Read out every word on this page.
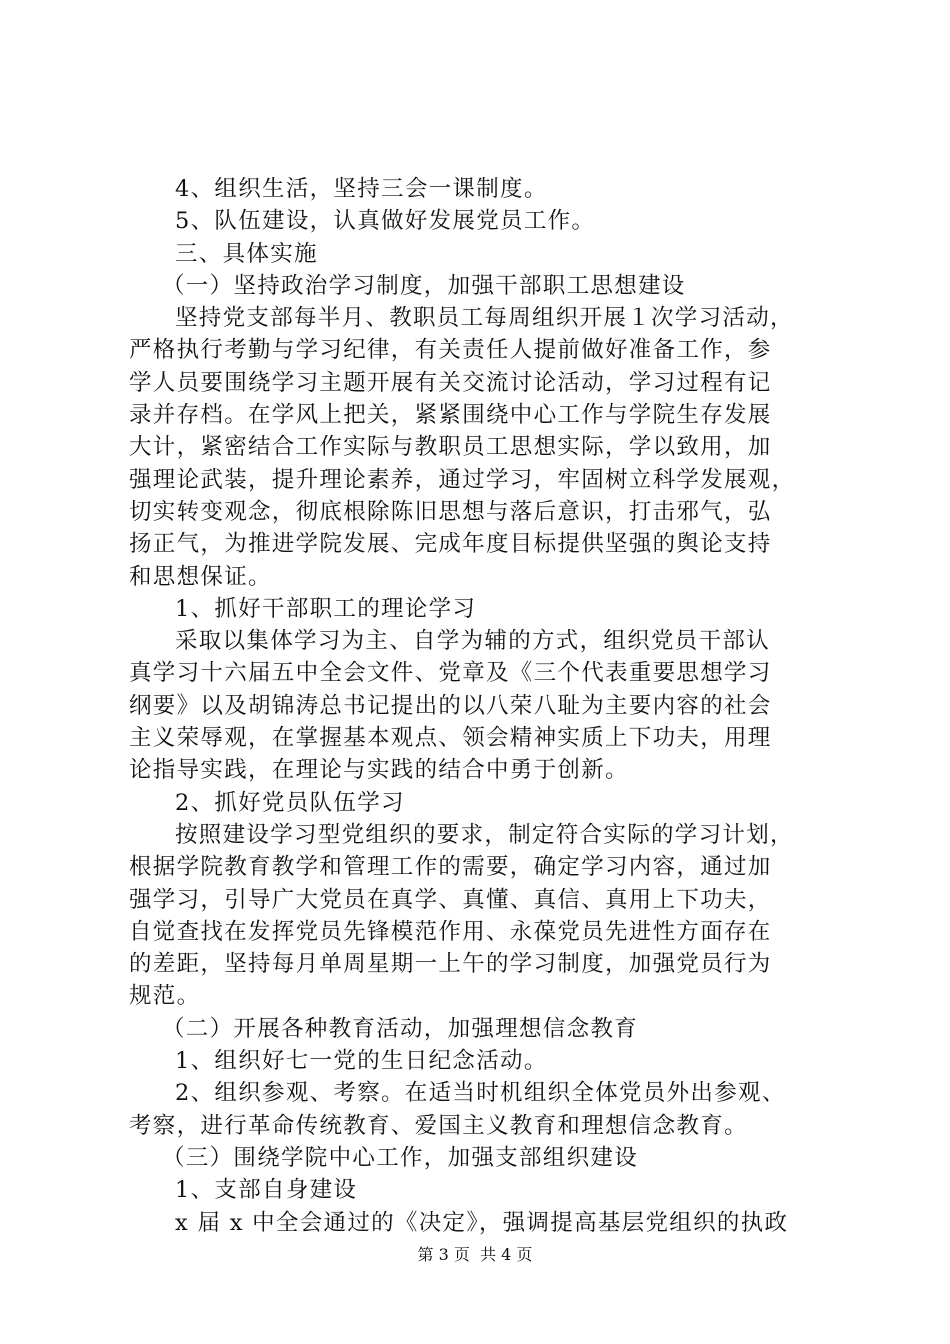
4、组织生活，坚持三会一课制度。
5、队伍建设，认真做好发展党员工作。
三、具体实施
（一）坚持政治学习制度，加强干部职工思想建设
坚持党支部每半月、教职员工每周组织开展１次学习活动，
严格执行考勤与学习纪律，有关责任人提前做好准备工作，参
学人员要围绕学习主题开展有关交流讨论活动，学习过程有记
录并存档。在学风上把关，紧紧围绕中心工作与学院生存发展
大计，紧密结合工作实际与教职员工思想实际，学以致用，加
强理论武装，提升理论素养，通过学习，牢固树立科学发展观，
切实转变观念，彻底根除陈旧思想与落后意识，打击邪气，弘
扬正气，为推进学院发展、完成年度目标提供坚强的舆论支持
和思想保证。
1、抓好干部职工的理论学习
采取以集体学习为主、自学为辅的方式，组织党员干部认
真学习十六届五中全会文件、党章及《三个代表重要思想学习
纲要》以及胡锦涛总书记提出的以八荣八耻为主要内容的社会
主义荣辱观，在掌握基本观点、领会精神实质上下功夫，用理
论指导实践，在理论与实践的结合中勇于创新。
2、抓好党员队伍学习
按照建设学习型党组织的要求，制定符合实际的学习计划，
根据学院教育教学和管理工作的需要，确定学习内容，通过加
强学习，引导广大党员在真学、真懂、真信、真用上下功夫，
自觉查找在发挥党员先锋模范作用、永葆党员先进性方面存在
的差距，坚持每月单周星期一上午的学习制度，加强党员行为
规范。
（二）开展各种教育活动，加强理想信念教育
1、组织好七一党的生日纪念活动。
2、组织参观、考察。在适当时机组织全体党员外出参观、
考察，进行革命传统教育、爱国主义教育和理想信念教育。
（三）围绕学院中心工作，加强支部组织建设
1、支部自身建设
x 届 x 中全会通过的《决定》，强调提高基层党组织的执政
第 3 页  共 4 页
